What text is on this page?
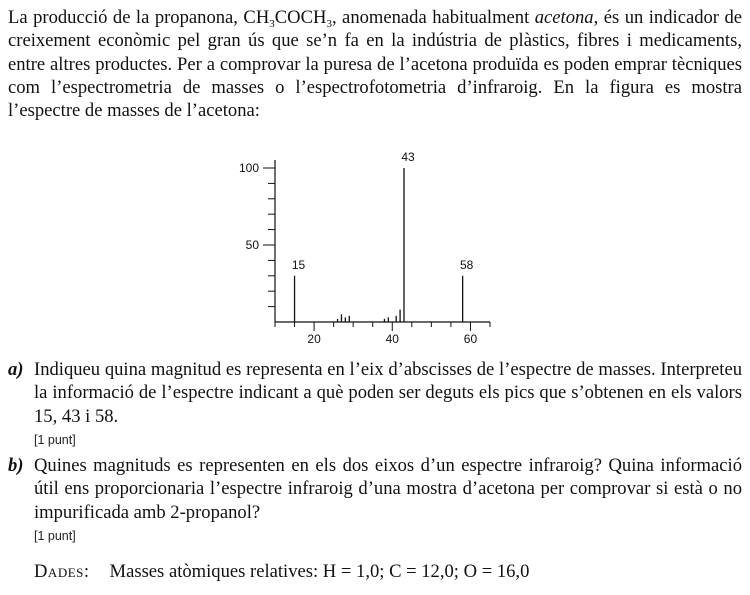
La producció de la propanona, $CH_3COCH_3$, anomenada habitualment acetona, és un indicador de creixement econòmic pel gran ús que se’n fa en la indústria de plàstics, fibres i medicaments, entre altres productes. Per a comprovar la puresa de l’acetona produïda es poden emprar tècniques com l’espectrometria de masses o l’espectrofotometria d’infraroig. En la figura es mostra l’espectre de masses de l’acetona:

50
100
20	40	60
15
43
58
a) Indiqueu quina magnitud es representa en l’eix d’abscisses de l’espectre de masses. Interpreteu la informació de l’espectre indicant a què poden ser deguts els pics que s’obtenen en els valors 15, 43 i 58.
[1 punt]
b) Quines magnituds es representen en els dos eixos d’un espectre infraroig? Quina informació útil ens proporcionaria l’espectre infraroig d’una mostra d’acetona per comprovar si està o no impurificada amb 2-propanol?
[1 punt]
Dades: Masses atòmiques relatives: H = 1,0; C = 12,0; O = 16,0
